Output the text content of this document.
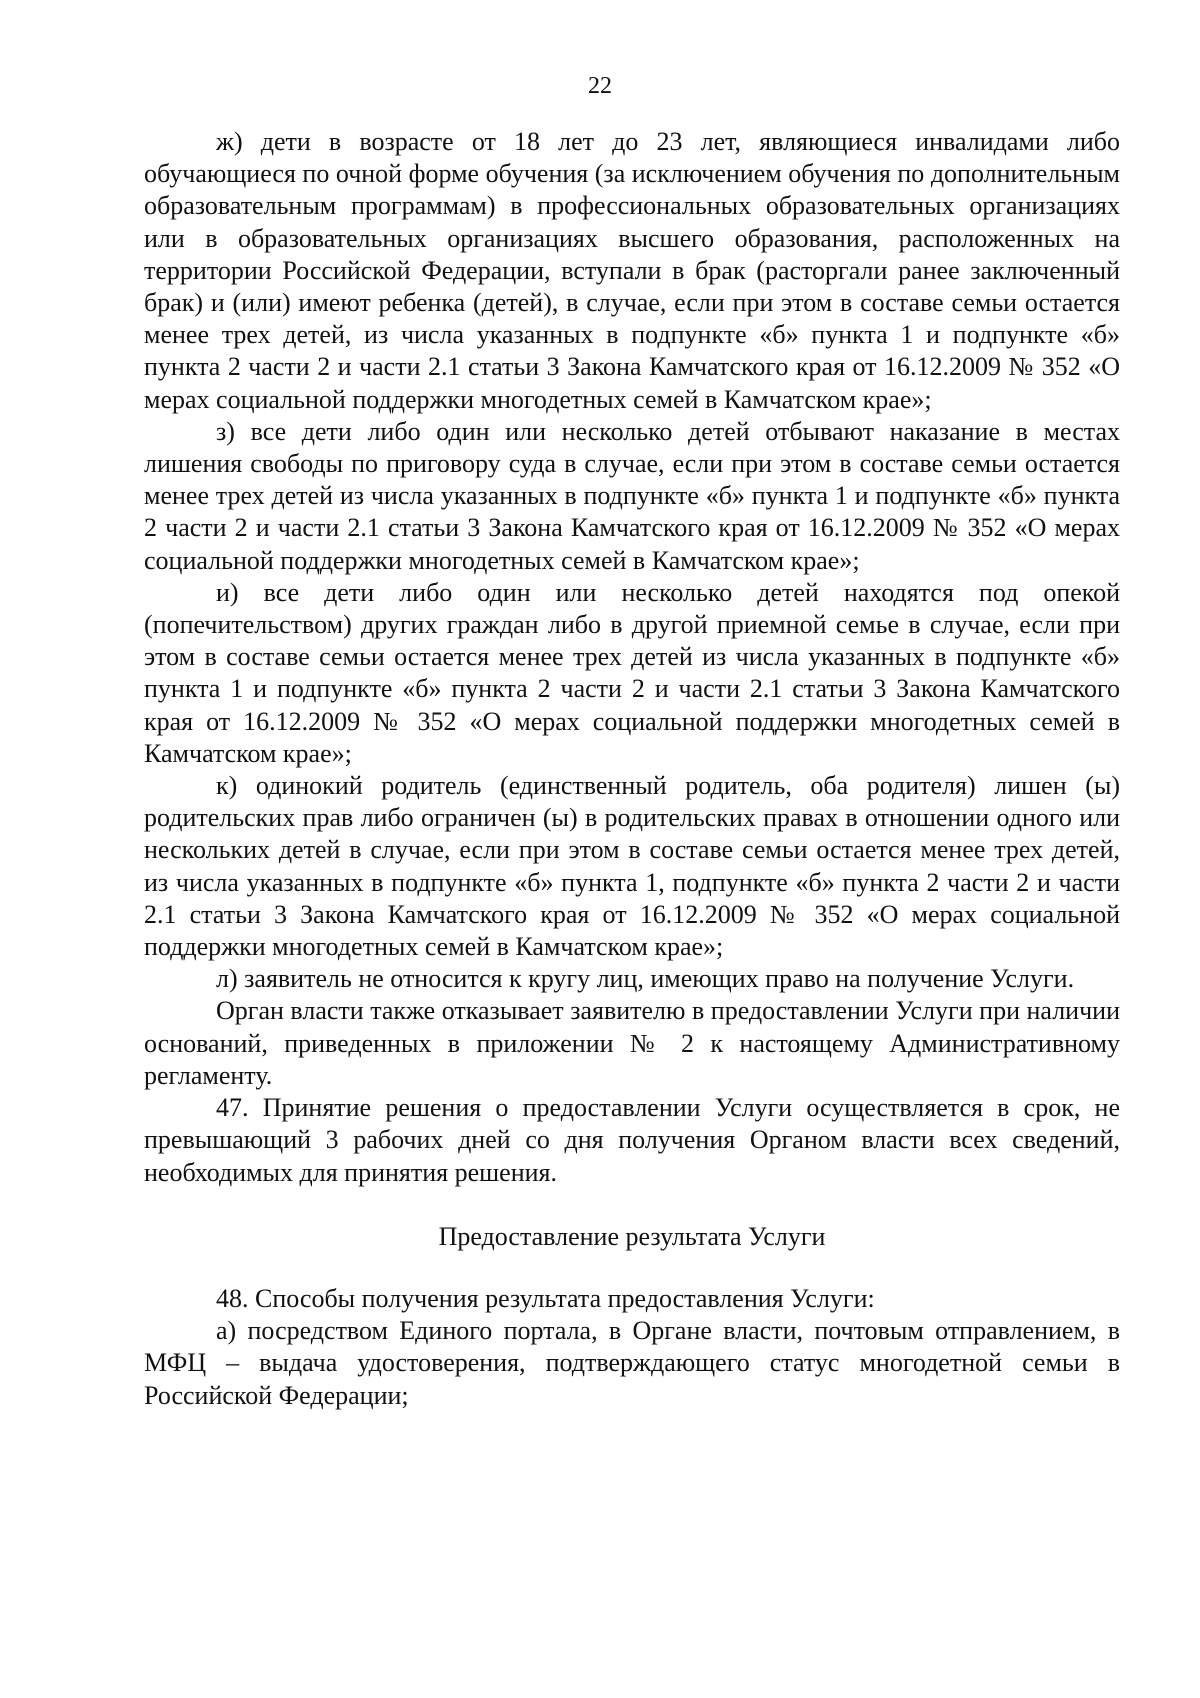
22

ж) дети в возрасте от 18 лет до 23 лет, являющиеся инвалидами либо обучающиеся по очной форме обучения (за исключением обучения по дополнительным образовательным программам) в профессиональных образовательных организациях или в образовательных организациях высшего образования, расположенных на территории Российской Федерации, вступали в брак (расторгали ранее заключенный брак) и (или) имеют ребенка (детей), в случае, если при этом в составе семьи остается менее трех детей, из числа указанных в подпункте «б» пункта 1 и подпункте «б» пункта 2 части 2 и части 2.1 статьи 3 Закона Камчатского края от 16.12.2009 № 352 «О мерах социальной поддержки многодетных семей в Камчатском крае»;

з) все дети либо один или несколько детей отбывают наказание в местах лишения свободы по приговору суда в случае, если при этом в составе семьи остается менее трех детей из числа указанных в подпункте «б» пункта 1 и подпункте «б» пункта 2 части 2 и части 2.1 статьи 3 Закона Камчатского края от 16.12.2009 № 352 «О мерах социальной поддержки многодетных семей в Камчатском крае»;

и) все дети либо один или несколько детей находятся под опекой (попечительством) других граждан либо в другой приемной семье в случае, если при этом в составе семьи остается менее трех детей из числа указанных в подпункте «б» пункта 1 и подпункте «б» пункта 2 части 2 и части 2.1 статьи 3 Закона Камчатского края от 16.12.2009 № 352 «О мерах социальной поддержки многодетных семей в Камчатском крае»;

к) одинокий родитель (единственный родитель, оба родителя) лишен (ы) родительских прав либо ограничен (ы) в родительских правах в отношении одного или нескольких детей в случае, если при этом в составе семьи остается менее трех детей, из числа указанных в подпункте «б» пункта 1, подпункте «б» пункта 2 части 2 и части 2.1 статьи 3 Закона Камчатского края от 16.12.2009 № 352 «О мерах социальной поддержки многодетных семей в Камчатском крае»;

л) заявитель не относится к кругу лиц, имеющих право на получение Услуги.

Орган власти также отказывает заявителю в предоставлении Услуги при наличии оснований, приведенных в приложении № 2 к настоящему Административному регламенту.

47. Принятие решения о предоставлении Услуги осуществляется в срок, не превышающий 3 рабочих дней со дня получения Органом власти всех сведений, необходимых для принятия решения.

Предоставление результата Услуги

48. Способы получения результата предоставления Услуги:

а) посредством Единого портала, в Органе власти, почтовым отправлением, в МФЦ – выдача удостоверения, подтверждающего статус многодетной семьи в Российской Федерации;
